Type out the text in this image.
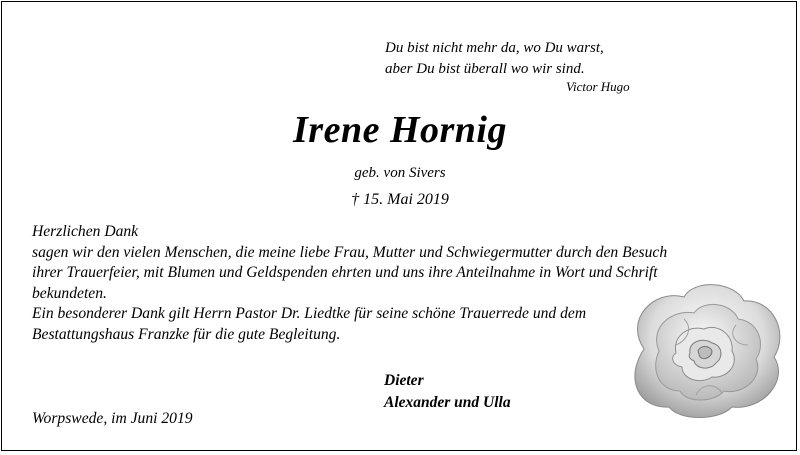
Du bist nicht mehr da, wo Du warst,
aber Du bist überall wo wir sind.
Victor Hugo
Irene Hornig
geb. von Sivers
† 15. Mai 2019
Herzlichen Dank
sagen wir den vielen Menschen, die meine liebe Frau, Mutter und Schwiegermutter durch den Besuch
ihrer Trauerfeier, mit Blumen und Geldspenden ehrten und uns ihre Anteilnahme in Wort und Schrift
bekundeten.
Ein besonderer Dank gilt Herrn Pastor Dr. Liedtke für seine schöne Trauerrede und dem
Bestattungshaus Franzke für die gute Begleitung.
Dieter
Alexander und Ulla
Worpswede, im Juni 2019
